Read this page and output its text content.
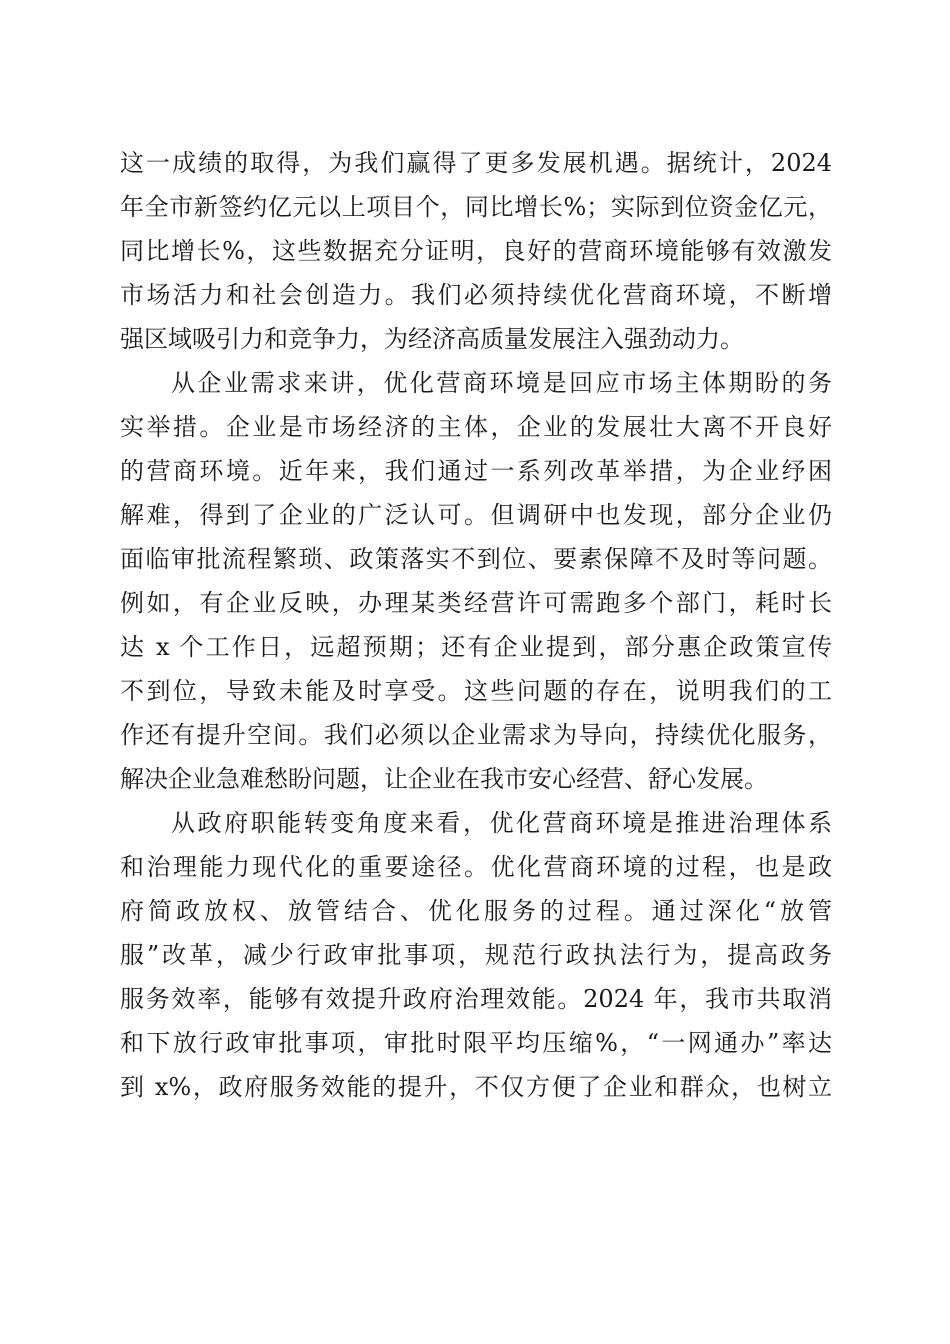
这一成绩的取得，为我们赢得了更多发展机遇。据统计，2024
年全市新签约亿元以上项目个，同比增长%；实际到位资金亿元，
同比增长%，这些数据充分证明，良好的营商环境能够有效激发
市场活力和社会创造力。我们必须持续优化营商环境，不断增
强区域吸引力和竞争力，为经济高质量发展注入强劲动力。
从企业需求来讲，优化营商环境是回应市场主体期盼的务
实举措。企业是市场经济的主体，企业的发展壮大离不开良好
的营商环境。近年来，我们通过一系列改革举措，为企业纾困
解难，得到了企业的广泛认可。但调研中也发现，部分企业仍
面临审批流程繁琐、政策落实不到位、要素保障不及时等问题。
例如，有企业反映，办理某类经营许可需跑多个部门，耗时长
达 x 个工作日，远超预期；还有企业提到，部分惠企政策宣传
不到位，导致未能及时享受。这些问题的存在，说明我们的工
作还有提升空间。我们必须以企业需求为导向，持续优化服务，
解决企业急难愁盼问题，让企业在我市安心经营、舒心发展。
从政府职能转变角度来看，优化营商环境是推进治理体系
和治理能力现代化的重要途径。优化营商环境的过程，也是政
府简政放权、放管结合、优化服务的过程。通过深化“放管
服”改革，减少行政审批事项，规范行政执法行为，提高政务
服务效率，能够有效提升政府治理效能。2024 年，我市共取消
和下放行政审批事项，审批时限平均压缩%，“一网通办”率达
到 x%，政府服务效能的提升，不仅方便了企业和群众，也树立
